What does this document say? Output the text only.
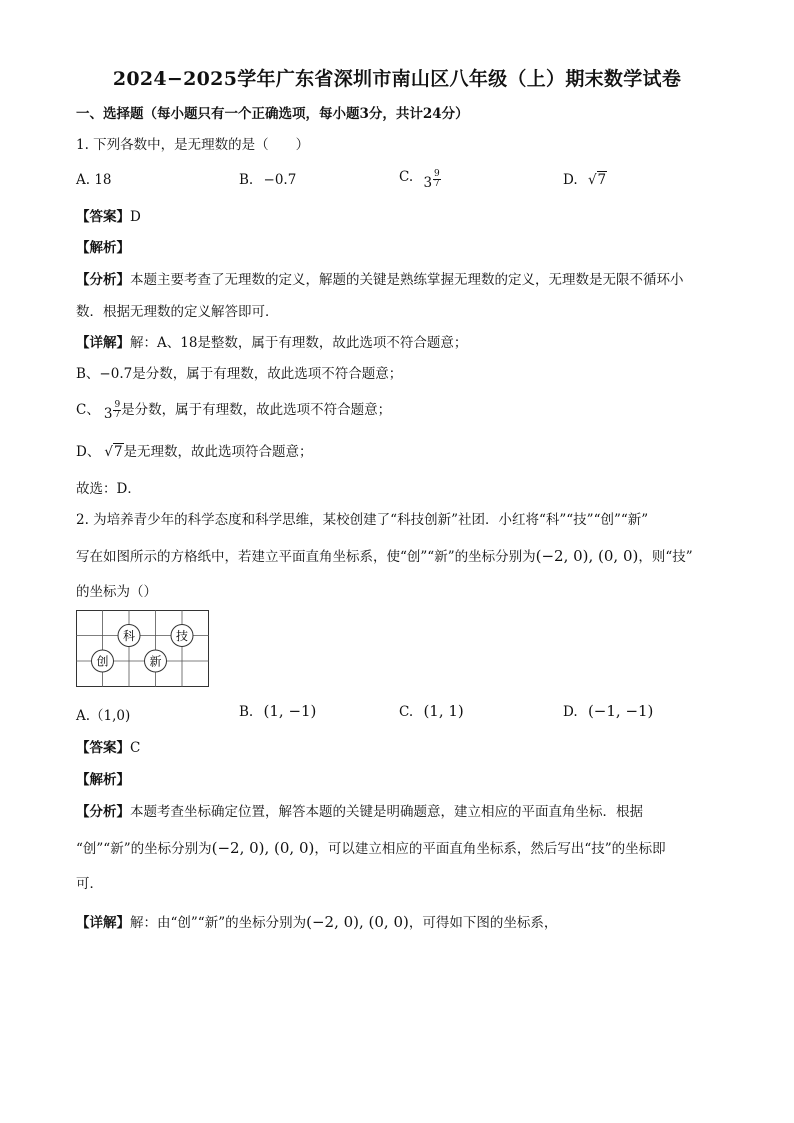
2024−2025学年广东省深圳市南山区八年级（上）期末数学试卷
一、选择题（每小题只有一个正确选项，每小题3分，共计24分）
1. 下列各数中，是无理数的是（　　）
A. 18	B. −0.7	C. $3 \frac{9}{7}$	D. √7
【答案】D
【解析】
【分析】本题主要考查了无理数的定义，解题的关键是熟练掌握无理数的定义，无理数是无限不循环小
数．根据无理数的定义解答即可．
【详解】解：A、18是整数，属于有理数，故此选项不符合题意；
B、−0.7是分数，属于有理数，故此选项不符合题意；
C、 $3 \frac{9}{7}$ 是分数，属于有理数，故此选项不符合题意；
D、 √7是无理数，故此选项符合题意；
故选：D．
2. 为培养青少年的科学态度和科学思维，某校创建了“科技创新”社团．小红将“科”“技”“创”“新”
写在如图所示的方格纸中，若建立平面直角坐标系，使“创”“新”的坐标分别为(−2, 0), (0, 0)，则“技”
的坐标为（）
科	技
创	新
A.（1,0)	B. (1, −1)	C. (1, 1)	D. (−1, −1)
【答案】C
【解析】
【分析】本题考查坐标确定位置，解答本题的关键是明确题意，建立相应的平面直角坐标．根据
“创”“新”的坐标分别为(−2, 0), (0, 0)，可以建立相应的平面直角坐标系，然后写出“技”的坐标即
可．
【详解】解：由“创”“新”的坐标分别为(−2, 0), (0, 0)，可得如下图的坐标系，
